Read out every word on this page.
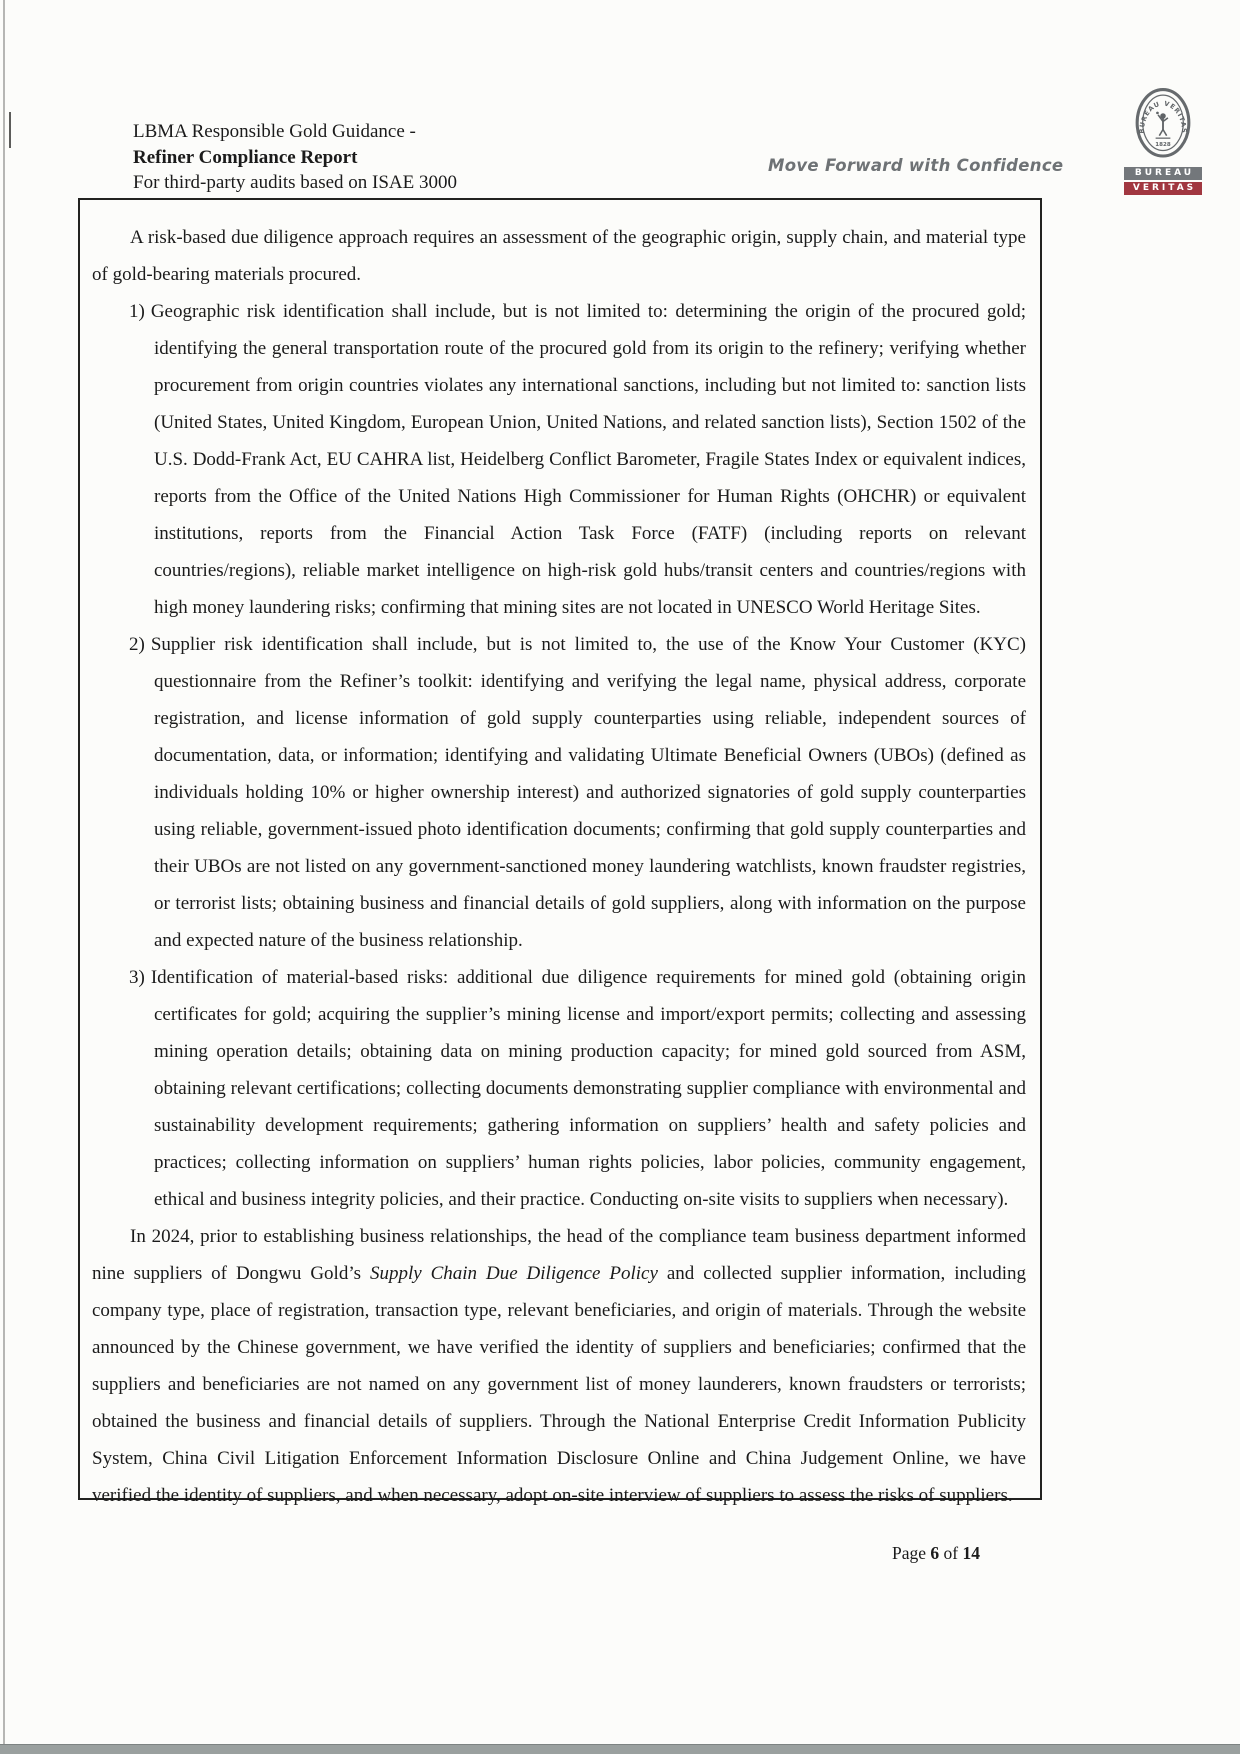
LBMA Responsible Gold Guidance -
Refiner Compliance Report
For third-party audits based on ISAE 3000
Move Forward with Confidence
BUREAU VERITAS
1828
BUREAU
VERITAS

A risk-based due diligence approach requires an assessment of the geographic origin, supply chain, and material type of gold-bearing materials procured.

1) Geographic risk identification shall include, but is not limited to: determining the origin of the procured gold; identifying the general transportation route of the procured gold from its origin to the refinery; verifying whether procurement from origin countries violates any international sanctions, including but not limited to: sanction lists (United States, United Kingdom, European Union, United Nations, and related sanction lists), Section 1502 of the U.S. Dodd-Frank Act, EU CAHRA list, Heidelberg Conflict Barometer, Fragile States Index or equivalent indices, reports from the Office of the United Nations High Commissioner for Human Rights (OHCHR) or equivalent institutions, reports from the Financial Action Task Force (FATF) (including reports on relevant countries/regions), reliable market intelligence on high-risk gold hubs/transit centers and countries/regions with high money laundering risks; confirming that mining sites are not located in UNESCO World Heritage Sites.

2) Supplier risk identification shall include, but is not limited to, the use of the Know Your Customer (KYC) questionnaire from the Refiner’s toolkit: identifying and verifying the legal name, physical address, corporate registration, and license information of gold supply counterparties using reliable, independent sources of documentation, data, or information; identifying and validating Ultimate Beneficial Owners (UBOs) (defined as individuals holding 10% or higher ownership interest) and authorized signatories of gold supply counterparties using reliable, government-issued photo identification documents; confirming that gold supply counterparties and their UBOs are not listed on any government-sanctioned money laundering watchlists, known fraudster registries, or terrorist lists; obtaining business and financial details of gold suppliers, along with information on the purpose and expected nature of the business relationship.

3) Identification of material-based risks: additional due diligence requirements for mined gold (obtaining origin certificates for gold; acquiring the supplier’s mining license and import/export permits; collecting and assessing mining operation details; obtaining data on mining production capacity; for mined gold sourced from ASM, obtaining relevant certifications; collecting documents demonstrating supplier compliance with environmental and sustainability development requirements; gathering information on suppliers’ health and safety policies and practices; collecting information on suppliers’ human rights policies, labor policies, community engagement, ethical and business integrity policies, and their practice. Conducting on-site visits to suppliers when necessary).

In 2024, prior to establishing business relationships, the head of the compliance team business department informed nine suppliers of Dongwu Gold’s Supply Chain Due Diligence Policy and collected supplier information, including company type, place of registration, transaction type, relevant beneficiaries, and origin of materials. Through the website announced by the Chinese government, we have verified the identity of suppliers and beneficiaries; confirmed that the suppliers and beneficiaries are not named on any government list of money launderers, known fraudsters or terrorists; obtained the business and financial details of suppliers. Through the National Enterprise Credit Information Publicity System, China Civil Litigation Enforcement Information Disclosure Online and China Judgement Online, we have verified the identity of suppliers, and when necessary, adopt on-site interview of suppliers to assess the risks of suppliers.

Page 6 of 14
